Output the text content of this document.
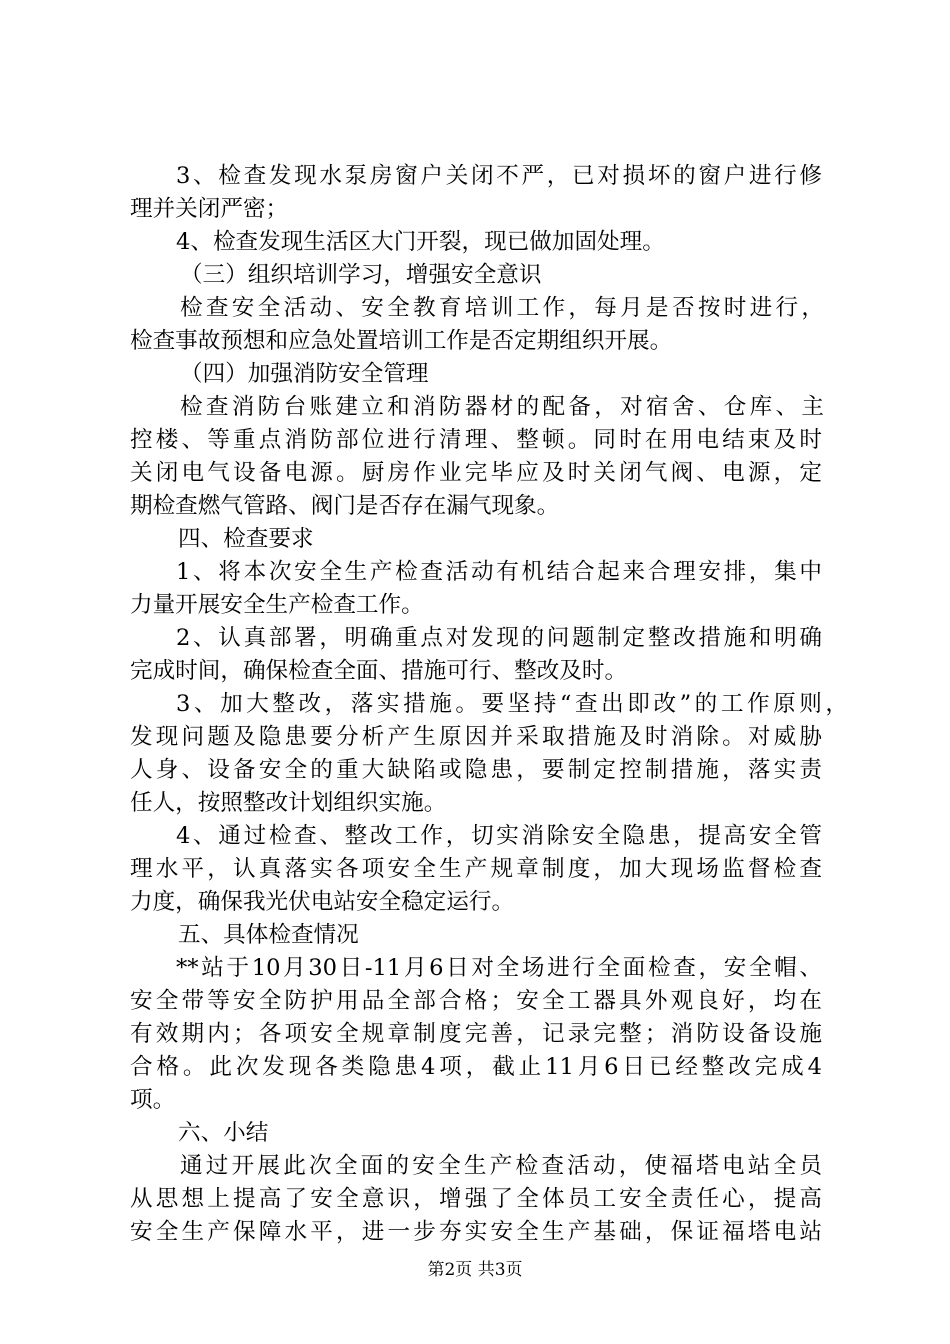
3、检查发现水泵房窗户关闭不严，已对损坏的窗户进行修
理并关闭严密；
4、检查发现生活区大门开裂，现已做加固处理。
（三）组织培训学习，增强安全意识
检查安全活动、安全教育培训工作，每月是否按时进行，
检查事故预想和应急处置培训工作是否定期组织开展。
（四）加强消防安全管理
检查消防台账建立和消防器材的配备，对宿舍、仓库、主
控楼、等重点消防部位进行清理、整顿。同时在用电结束及时
关闭电气设备电源。厨房作业完毕应及时关闭气阀、电源，定
期检查燃气管路、阀门是否存在漏气现象。
四、检查要求
1、将本次安全生产检查活动有机结合起来合理安排，集中
力量开展安全生产检查工作。
2、认真部署，明确重点对发现的问题制定整改措施和明确
完成时间，确保检查全面、措施可行、整改及时。
3、加大整改，落实措施。要坚持“查出即改”的工作原则，
发现问题及隐患要分析产生原因并采取措施及时消除。对威胁
人身、设备安全的重大缺陷或隐患，要制定控制措施，落实责
任人，按照整改计划组织实施。
4、通过检查、整改工作，切实消除安全隐患，提高安全管
理水平，认真落实各项安全生产规章制度，加大现场监督检查
力度，确保我光伏电站安全稳定运行。
五、具体检查情况
**站于10月30日-11月6日对全场进行全面检查，安全帽、
安全带等安全防护用品全部合格；安全工器具外观良好，均在
有效期内；各项安全规章制度完善，记录完整；消防设备设施
合格。此次发现各类隐患4项，截止11月6日已经整改完成4
项。
六、小结
通过开展此次全面的安全生产检查活动，使福塔电站全员
从思想上提高了安全意识，增强了全体员工安全责任心，提高
安全生产保障水平，进一步夯实安全生产基础，保证福塔电站
第2页 共3页
